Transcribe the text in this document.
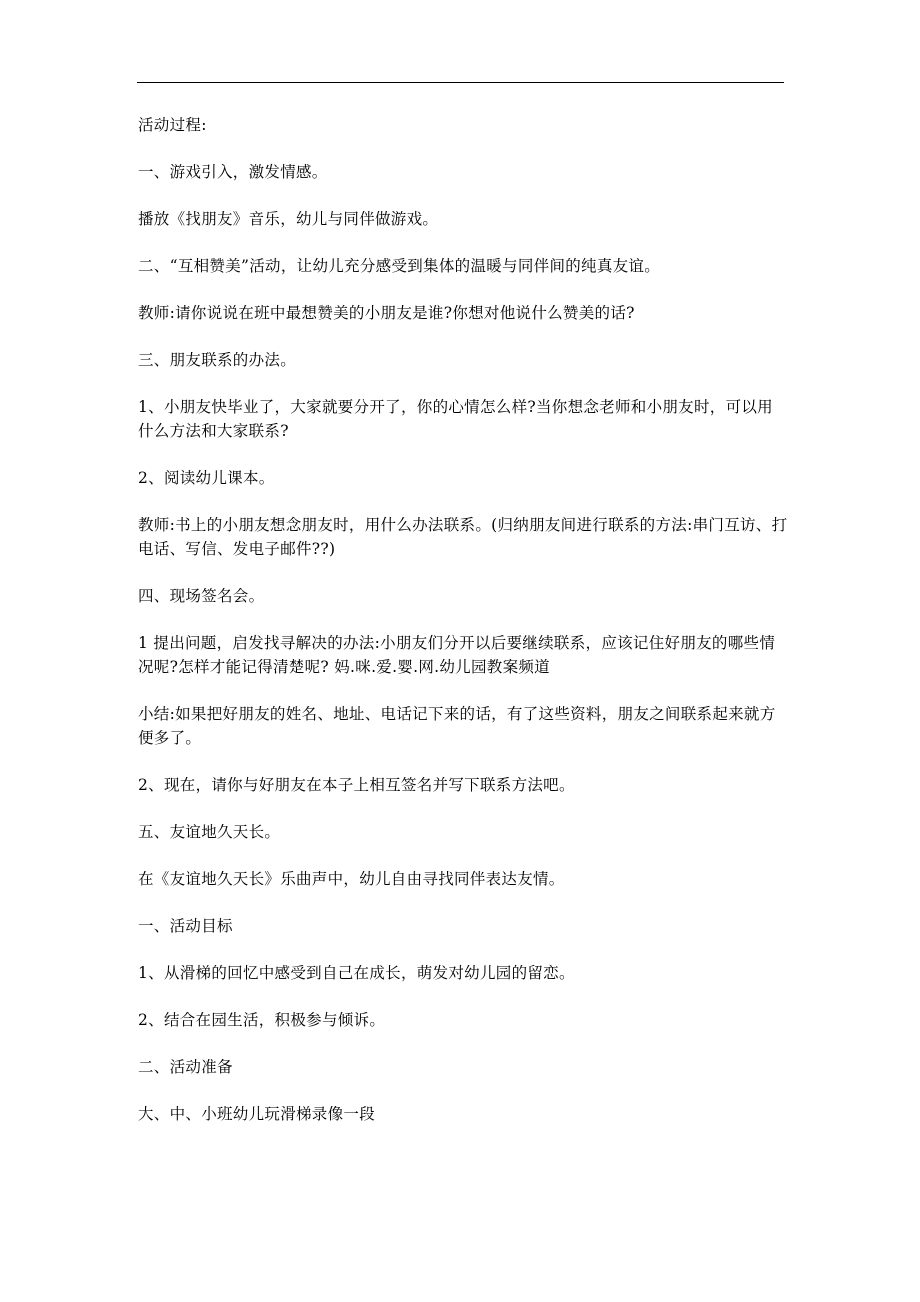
活动过程:

一、游戏引入，激发情感。

播放《找朋友》音乐，幼儿与同伴做游戏。

二、“互相赞美”活动，让幼儿充分感受到集体的温暖与同伴间的纯真友谊。

教师:请你说说在班中最想赞美的小朋友是谁?你想对他说什么赞美的话?

三、朋友联系的办法。

1、小朋友快毕业了，大家就要分开了，你的心情怎么样?当你想念老师和小朋友时，可以用什么方法和大家联系?

2、阅读幼儿课本。

教师:书上的小朋友想念朋友时，用什么办法联系。(归纳朋友间进行联系的方法:串门互访、打电话、写信、发电子邮件??)

四、现场签名会。

1 提出问题，启发找寻解决的办法:小朋友们分开以后要继续联系，应该记住好朋友的哪些情况呢?怎样才能记得清楚呢? 妈.咪.爱.婴.网.幼儿园教案频道

小结:如果把好朋友的姓名、地址、电话记下来的话，有了这些资料，朋友之间联系起来就方便多了。

2、现在，请你与好朋友在本子上相互签名并写下联系方法吧。

五、友谊地久天长。

在《友谊地久天长》乐曲声中，幼儿自由寻找同伴表达友情。

一、活动目标

1、从滑梯的回忆中感受到自己在成长，萌发对幼儿园的留恋。

2、结合在园生活，积极参与倾诉。

二、活动准备

大、中、小班幼儿玩滑梯录像一段
